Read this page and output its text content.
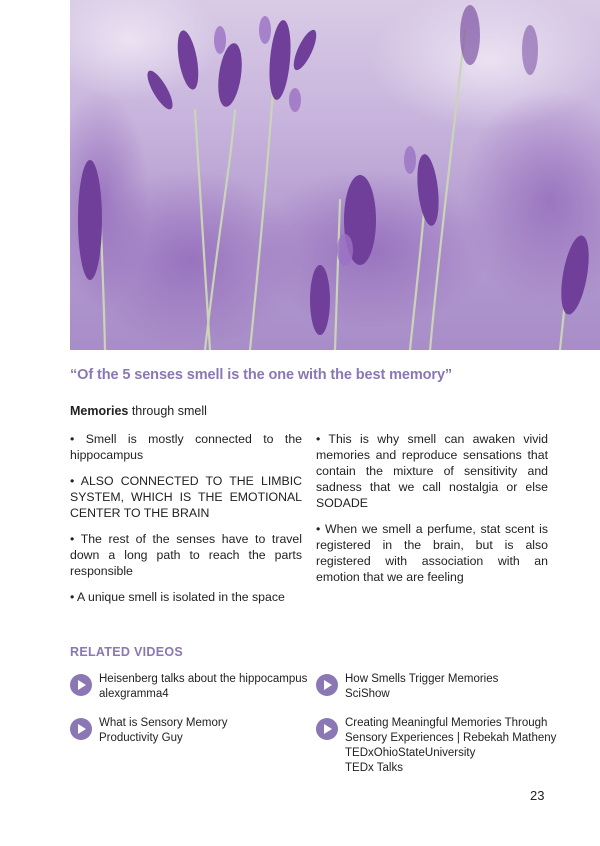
“Of the 5 senses smell is the one with the best memory”
Memories through smell

• Smell is mostly connected to the hippocampus

• ALSO CONNECTED TO THE LIMBIC SYSTEM, WHICH IS THE EMOTIONAL CENTER TO THE BRAIN

• The rest of the senses have to travel down a long path to reach the parts responsible

• A unique smell is isolated in the space

• This is why smell can awaken vivid memories and reproduce sensations that contain the mixture of sensitivity and sadness that we call nostalgia or else SODADE

• When we smell a perfume, stat scent is registered in the brain, but is also registered with association with an emotion that we are feeling

RELATED VIDEOS
Heisenberg talks about the hippocampus
alexgramma4
How Smells Trigger Memories
SciShow
What is Sensory Memory
Productivity Guy
Creating Meaningful Memories Through
Sensory Experiences | Rebekah Matheny
TEDxOhioStateUniversity
TEDx Talks
23
